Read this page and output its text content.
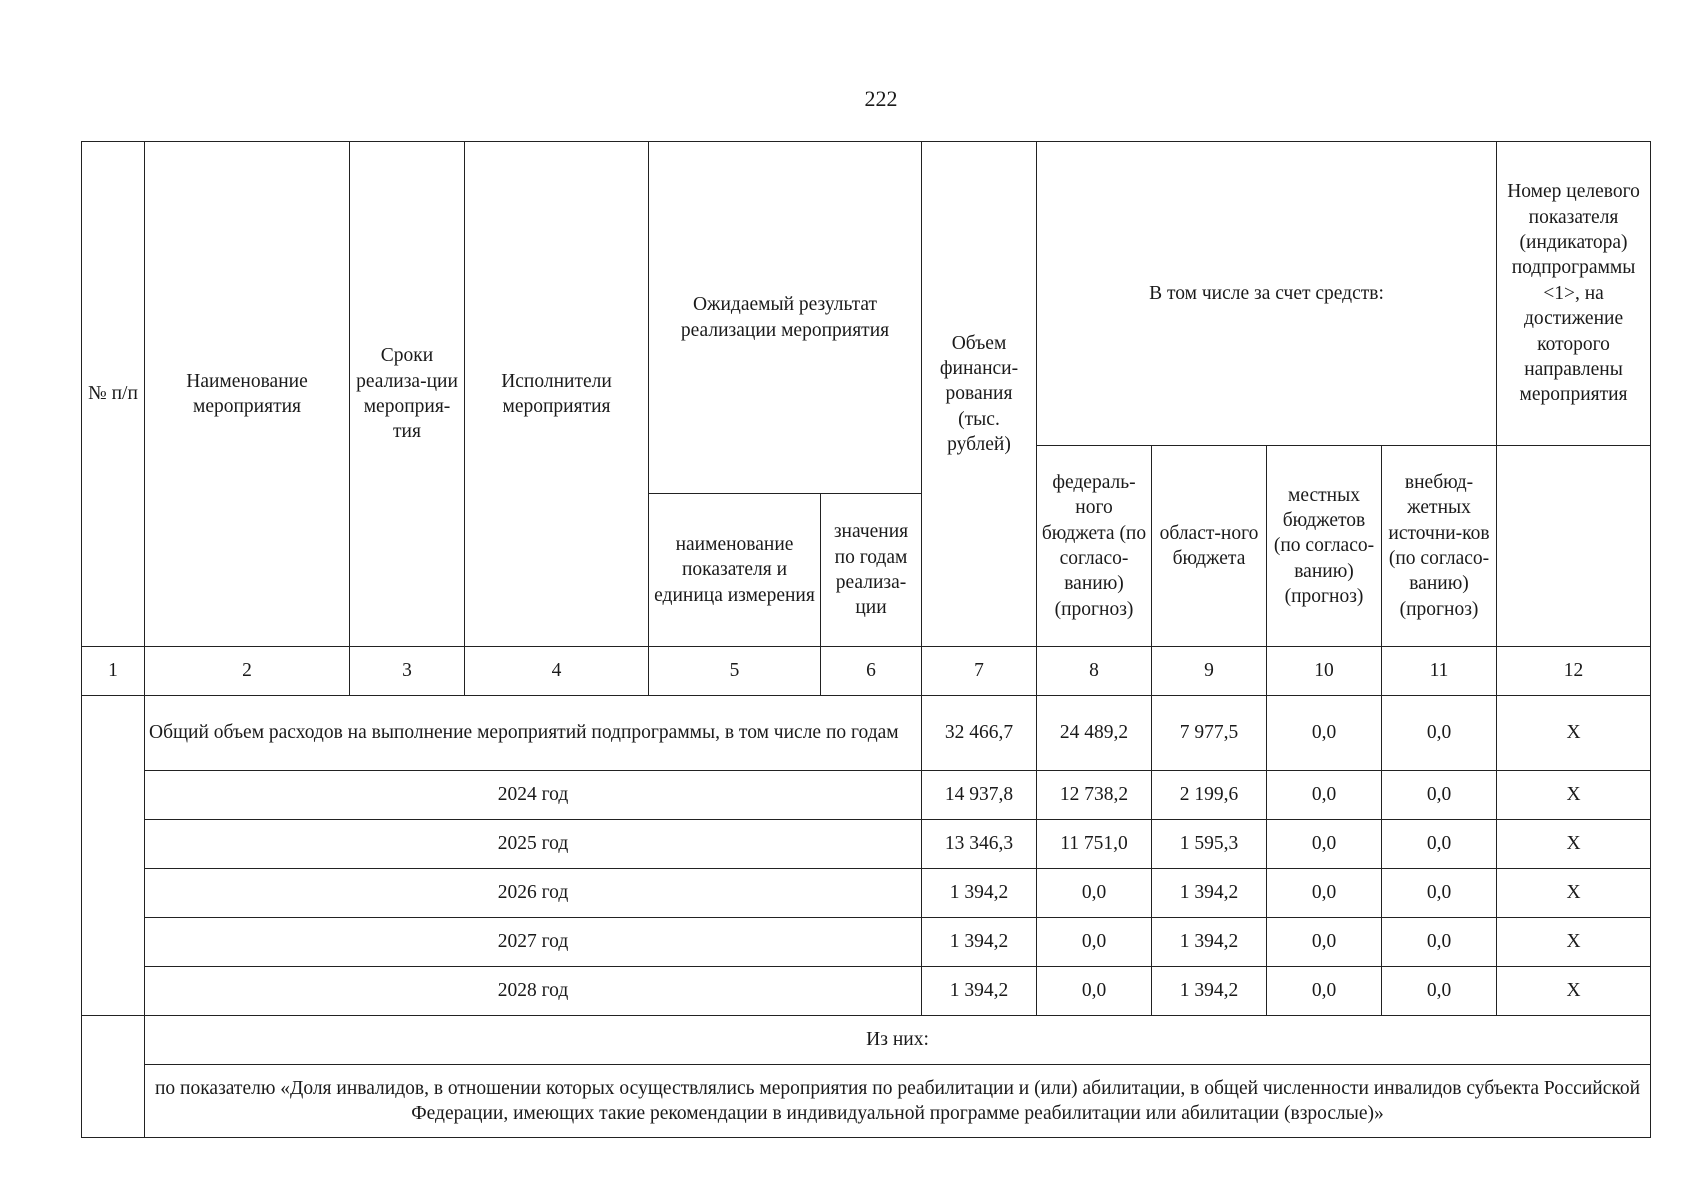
222
№ п/п	Наименование мероприятия	Сроки реализа-ции мероприя-тия	Исполнители мероприятия	Ожидаемый результат реализации мероприятия		Объем финанси-рования (тыс. рублей)	В том числе за счет средств:				Номер целевого показателя (индикатора) подпрограммы <1>, на достижение которого направлены мероприятия
							федераль-ного бюджета (по согласо-ванию) (прогноз)	област-ного бюджета	местных бюджетов (по согласо-ванию) (прогноз)	внебюд-жетных источни-ков (по согласо-ванию) (прогноз)	
				наименование показателя и единица измерения	значения по годам реализа-ции						
1	2	3	4	5	6	7	8	9	10	11	12
	Общий объем расходов на выполнение мероприятий подпрограммы, в том числе по годам					32 466,7	24 489,2	7 977,5	0,0	0,0	X
	2024 год					14 937,8	12 738,2	2 199,6	0,0	0,0	X
	2025 год					13 346,3	11 751,0	1 595,3	0,0	0,0	X
	2026 год					1 394,2	0,0	1 394,2	0,0	0,0	X
	2027 год					1 394,2	0,0	1 394,2	0,0	0,0	X
	2028 год					1 394,2	0,0	1 394,2	0,0	0,0	X
	Из них:										
	по показателю «Доля инвалидов, в отношении которых осуществлялись мероприятия по реабилитации и (или) абилитации, в общей численности инвалидов субъекта Российской Федерации, имеющих такие рекомендации в индивидуальной программе реабилитации или абилитации (взрослые)»										
